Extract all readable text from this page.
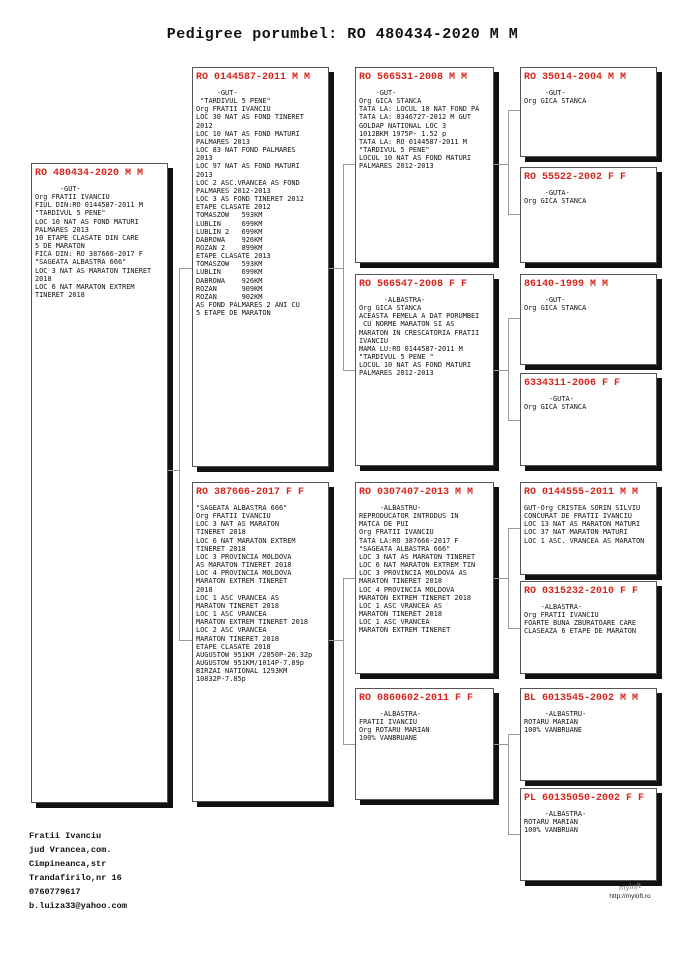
Pedigree porumbel: RO 480434-2020 M M
RO 480434-2020 M M
-GUT-
Org FRATII IVANCIU
FIUL DIN:RO 0144587-2011 M
"TARDIVUL 5 PENE"
LOC 10 NAT AS FOND MATURI
PALMARES 2013
10 ETAPE CLASATE DIN CARE
5 DE MARATON
FICA DIN: RO 387666-2017 F
"SAGEATA ALBASTRA 666"
LOC 3 NAT AS MARATON TINERET
2018
LOC 6 NAT MARATON EXTREM
TINERET 2018
RO 0144587-2011 M M
-GUT-
"TARDIVUL 5 PENE"
Org FRATII IVANCIU
LOC 30 NAT AS FOND TINERET
2012
LOC 10 NAT AS FOND MATURI
PALMARES 2013
LOC 83 NAT FOND PALMARES
2013
LOC 97 NAT AS FOND MATURI
2013
LOC 2 ASC.VRANCEA AS FOND
PALMARES 2012-2013
LOC 3 AS FOND TINERET 2012
ETAPE CLASATE 2012
TOMASZOW   593KM
LUBLIN     699KM
LUBLIN 2   699KM
DABROWA    926KM
ROZAN 2    899KM
ETAPE CLASATE 2013
TOMASZOW   593KM
LUBLIN     699KM
DABROWA    926KM
ROZAN      909KM
ROZAN      902KM
AS FOND PALMARES 2 ANI CU
5 ETAPE DE MARATON
RO 387666-2017 F F
"SAGEATA ALBASTRA 666"
Org FRATII IVANCIU
LOC 3 NAT AS MARATON
TINERET 2018
LOC 6 NAT MARATON EXTREM
TINERET 2018
LOC 3 PROVINCIA MOLDOVA
AS MARATON TINERET 2018
LOC 4 PROVINCIA MOLDOVA
MARATON EXTREM TINERET
2018
LOC 1 ASC VRANCEA AS
MARATON TINERET 2018
LOC 1 ASC VRANCEA
MARATON EXTREM TINERET 2018
LOC 2 ASC VRANCEA
MARATON TINERET 2018
ETAPE CLASATE 2018
AUGUSTOW 951KM /2850P-26.32p
AUGUSTOW 951KM/1014P-7.89p
BIRZAI NATIONAL 1293KM
10832P-7.85p
RO 566531-2008 M M
-GUT-
Org GICA STANCA
TATA LA: LOCUL 10 NAT FOND PA
TATA LA: 0346727-2012 M GUT
GOLDAP NATIONAL LOC 3
1012BKM 1975P- 1.52 p
TATA LA: RO 0144587-2011 M
"TARDIVUL 5 PENE"
LOCUL 10 NAT AS FOND MATURI
PALMARES 2012-2013
RO 566547-2008 F F
-ALBASTRA-
Org GICA STANCA
ACEASTA FEMELA A DAT PORUMBEI
CU NORME MARATON SI AS
MARATON IN CRESCATORIA FRATII
IVANCIU
MAMA LU:RO 0144587-2011 M
"TARDIVUL 5 PENE "
LOCUL 10 NAT AS FOND MATURI
PALMARES 2012-2013
RO 0307407-2013 M M
-ALBASTRU-
REPRODUCATOR INTRODUS IN
MATCA DE PUI
Org FRATII IVANCIU
TATA LA:RO 387666-2017 F
"SAGEATA ALBASTRA 666"
LOC 3 NAT AS MARATON TINERET
LOC 6 NAT MARATON EXTREM TIN
LOC 3 PROVINCIA MOLDOVA AS
MARATON TINERET 2018
LOC 4 PROVINCIA MOLDOVA
MARATON EXTREM TINERET 2018
LOC 1 ASC VRANCEA AS
MARATON TINERET 2018
LOC 1 ASC VRANCEA
MARATON EXTREM TINERET
RO 0860602-2011 F F
-ALBASTRA-
FRATII IVANCIU
Org ROTARU MARIAN
100% VANBRUANE
RO 35014-2004 M M
-GUT-
Org GICA STANCA
RO 55522-2002 F F
-GUTA-
Org GICA STANCA
86140-1999 M M
-GUT-
Org GICA STANCA
6334311-2006 F F
-GUTA-
Org GICA STANCA
RO 0144555-2011 M M
GUT-Org CRISTEA SORIN SILVIU
CONCURAT DE FRATII IVANCIU
LOC 13 NAT AS MARATON MATURI
LOC 37 NAT MARATON MATURI
LOC 1 ASC. VRANCEA AS MARATON
RO 0315232-2010 F F
-ALBASTRA-
Org FRATII IVANCIU
FOARTE BUNA ZBURATOARE CARE
CLASEAZA 6 ETAPE DE MARATON
BL 6013545-2002 M M
-ALBASTRU-
ROTARU MARIAN
100% VANBRUANE
PL 60135050-2002 F F
-ALBASTRA-
ROTARU MARIAN
100% VANBRUAN
Fratii Ivanciu
jud Vrancea,com.
Cimpineanca,str
Trandafirilo,nr 16
0760779617
b.luiza33@yahoo.com
myloft
http://myloft.ro
